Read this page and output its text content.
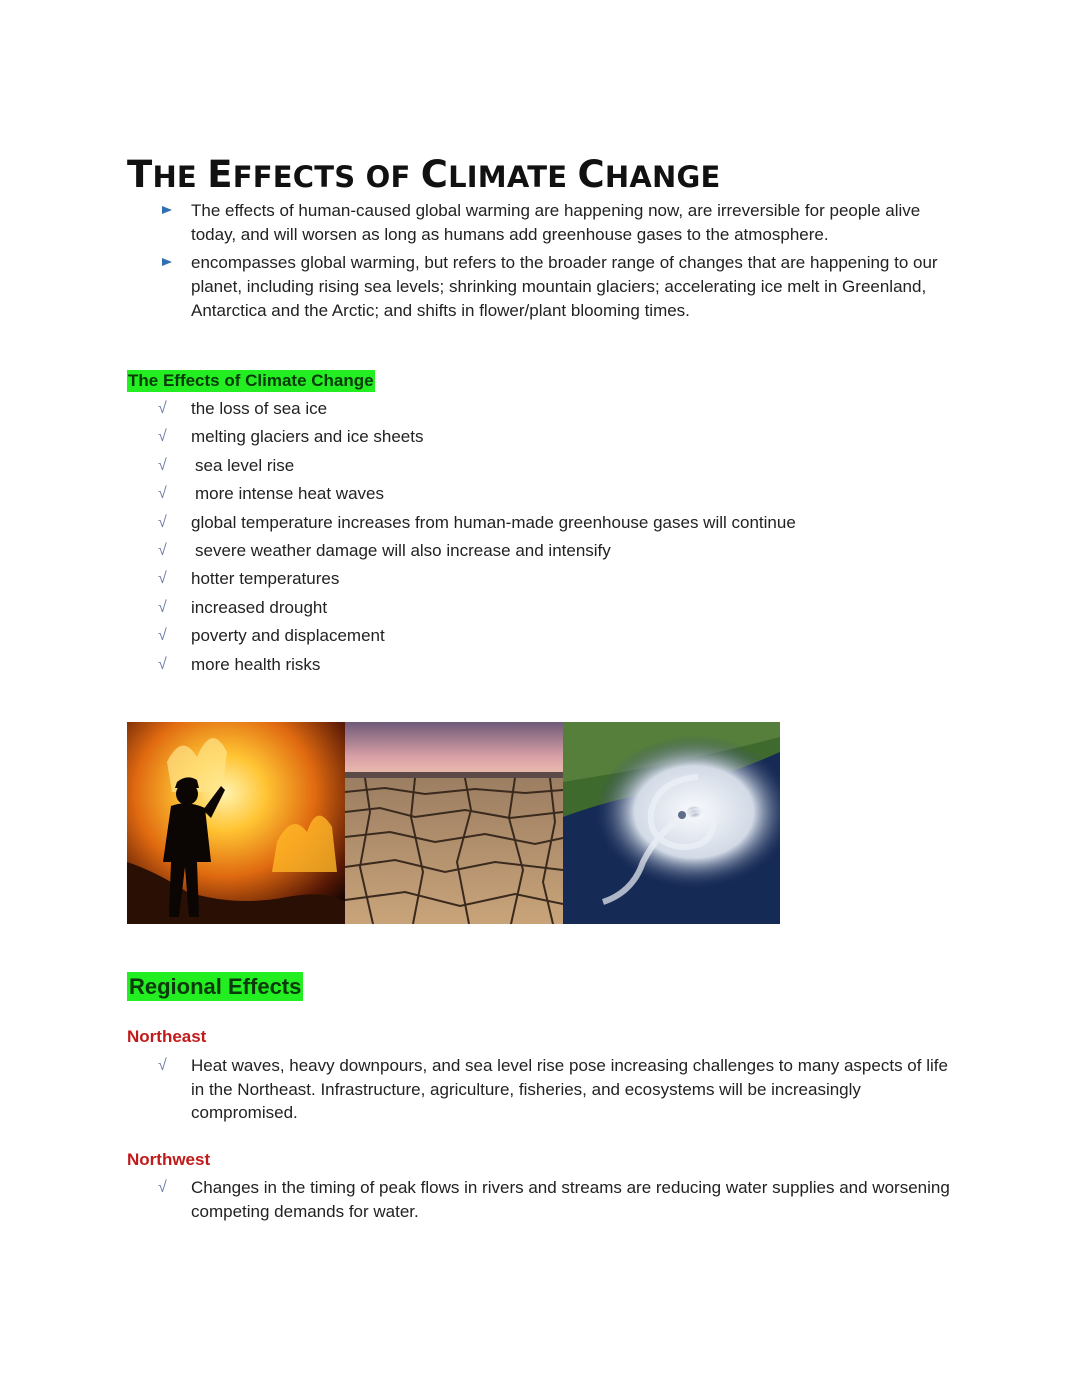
THE EFFECTS OF CLIMATE CHANGE
The effects of human-caused global warming are happening now, are irreversible for people alive today, and will worsen as long as humans add greenhouse gases to the atmosphere.
encompasses global warming, but refers to the broader range of changes that are happening to our planet, including rising sea levels; shrinking mountain glaciers; accelerating ice melt in Greenland, Antarctica and the Arctic; and shifts in flower/plant blooming times.
The Effects of Climate Change
√ the loss of sea ice
√ melting glaciers and ice sheets
√ sea level rise
√ more intense heat waves
√ global temperature increases from human-made greenhouse gases will continue
√ severe weather damage will also increase and intensify
√ hotter temperatures
√ increased drought
√ poverty and displacement
√ more health risks
Regional Effects
Northeast
√ Heat waves, heavy downpours, and sea level rise pose increasing challenges to many aspects of life in the Northeast. Infrastructure, agriculture, fisheries, and ecosystems will be increasingly compromised.
Northwest
√ Changes in the timing of peak flows in rivers and streams are reducing water supplies and worsening competing demands for water.
